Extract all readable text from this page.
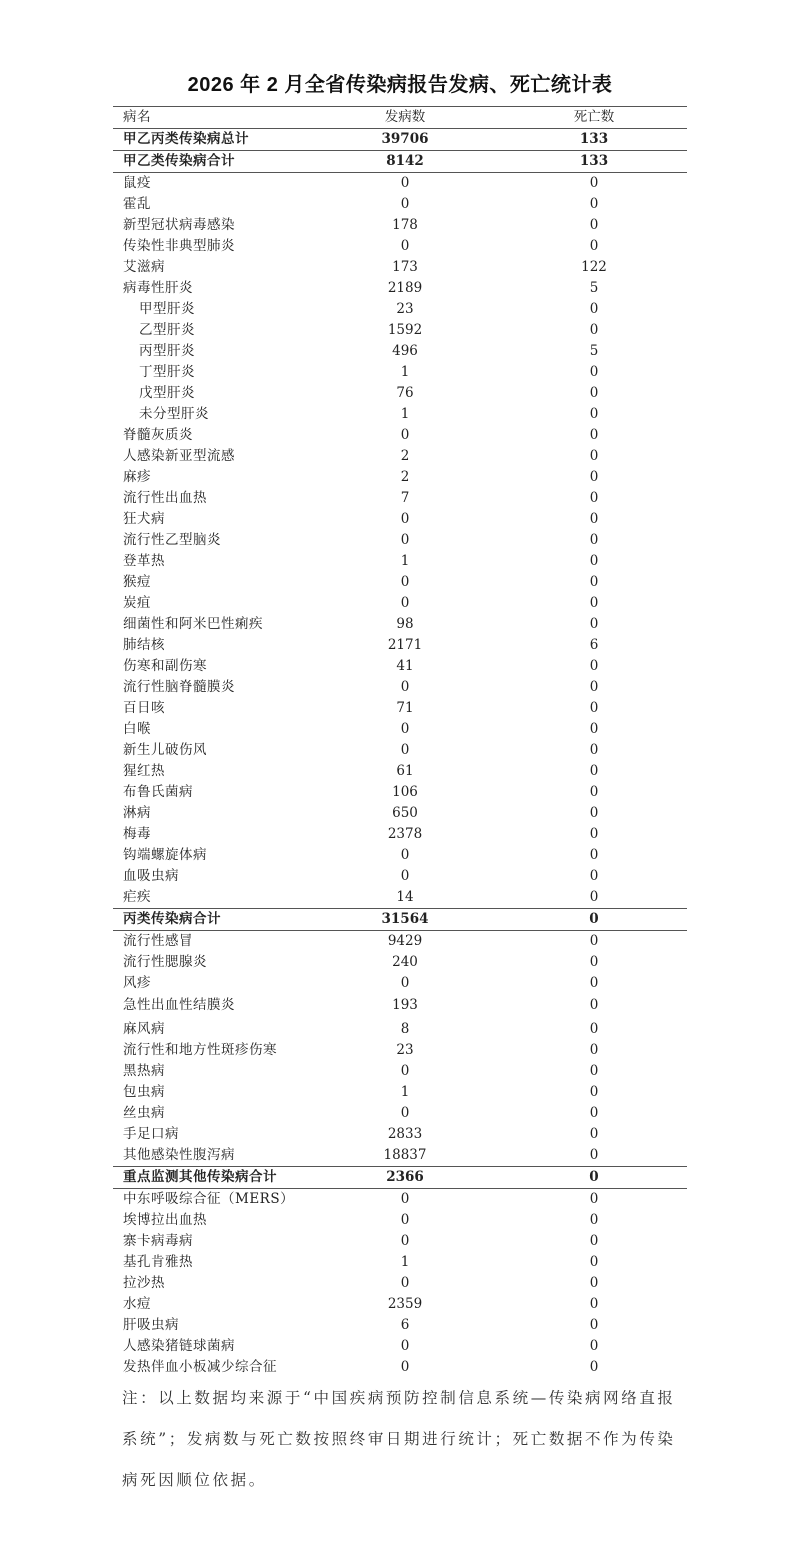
2026 年 2 月全省传染病报告发病、死亡统计表
病名	发病数	死亡数
甲乙丙类传染病总计	39706	133
甲乙类传染病合计	8142	133
鼠疫	0	0
霍乱	0	0
新型冠状病毒感染	178	0
传染性非典型肺炎	0	0
艾滋病	173	122
病毒性肝炎	2189	5
甲型肝炎	23	0
乙型肝炎	1592	0
丙型肝炎	496	5
丁型肝炎	1	0
戊型肝炎	76	0
未分型肝炎	1	0
脊髓灰质炎	0	0
人感染新亚型流感	2	0
麻疹	2	0
流行性出血热	7	0
狂犬病	0	0
流行性乙型脑炎	0	0
登革热	1	0
猴痘	0	0
炭疽	0	0
细菌性和阿米巴性痢疾	98	0
肺结核	2171	6
伤寒和副伤寒	41	0
流行性脑脊髓膜炎	0	0
百日咳	71	0
白喉	0	0
新生儿破伤风	0	0
猩红热	61	0
布鲁氏菌病	106	0
淋病	650	0
梅毒	2378	0
钩端螺旋体病	0	0
血吸虫病	0	0
疟疾	14	0
丙类传染病合计	31564	0
流行性感冒	9429	0
流行性腮腺炎	240	0
风疹	0	0
急性出血性结膜炎	193	0
麻风病	8	0
流行性和地方性斑疹伤寒	23	0
黑热病	0	0
包虫病	1	0
丝虫病	0	0
手足口病	2833	0
其他感染性腹泻病	18837	0
重点监测其他传染病合计	2366	0
中东呼吸综合征（MERS）	0	0
埃博拉出血热	0	0
寨卡病毒病	0	0
基孔肯雅热	1	0
拉沙热	0	0
水痘	2359	0
肝吸虫病	6	0
人感染猪链球菌病	0	0
发热伴血小板减少综合征	0	0
注：以上数据均来源于“中国疾病预防控制信息系统—传染病网络直报系统”；发病数与死亡数按照终审日期进行统计；死亡数据不作为传染病死因顺位依据。
